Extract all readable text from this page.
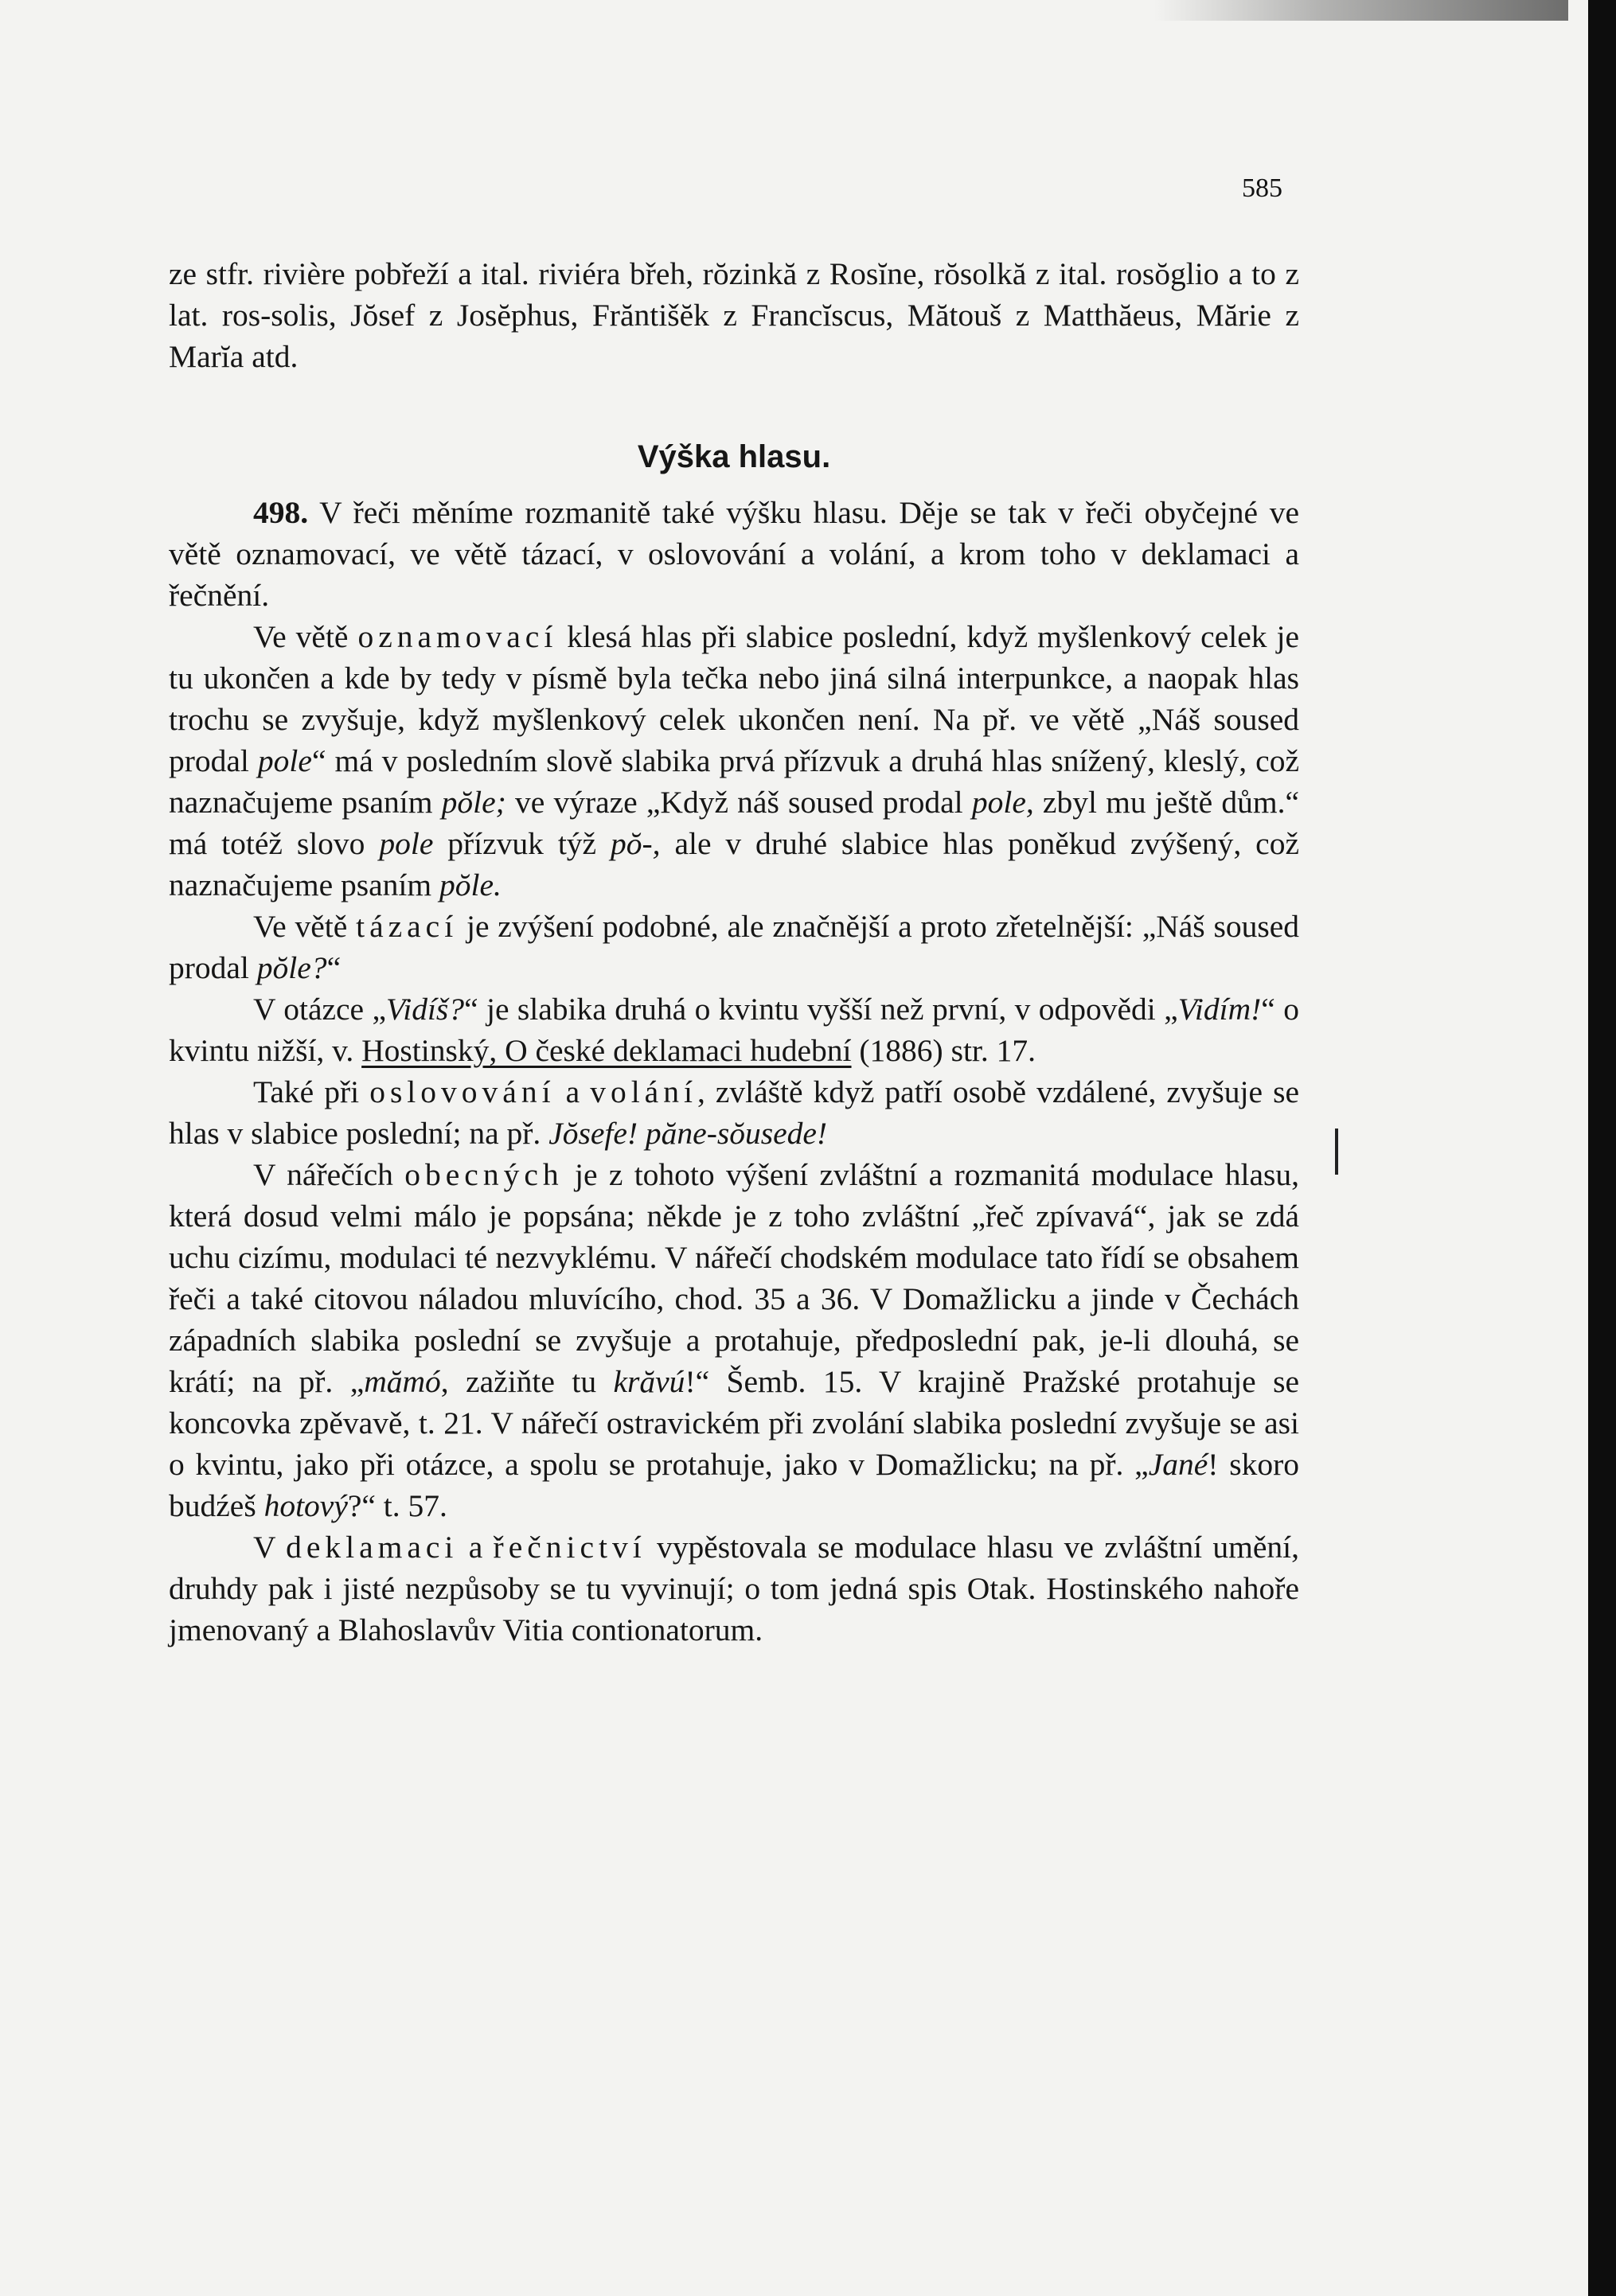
585

ze stfr. rivière pobřeží a ital. riviéra břeh, rŏzinkă z Rosĭne, rŏsolkă z ital. rosŏglio a to z lat. ros-solis, Jŏsef z Josĕphus, Frăntišĕk z Francĭscus, Mătouš z Matthăeus, Mărie z Marĭa atd.

Výška hlasu.

498. V řeči měníme rozmanitě také výšku hlasu. Děje se tak v řeči obyčejné ve větě oznamovací, ve větě tázací, v oslovování a volání, a krom toho v deklamaci a řečnění.

Ve větě oznamovací klesá hlas při slabice poslední, když myšlenkový celek je tu ukončen a kde by tedy v písmě byla tečka nebo jiná silná interpunkce, a naopak hlas trochu se zvyšuje, když myšlenkový celek ukončen není. Na př. ve větě „Náš soused prodal pole“ má v posledním slově slabika prvá přízvuk a druhá hlas snížený, kleslý, což naznačujeme psaním pŏle; ve výraze „Když náš soused prodal pole, zbyl mu ještě dům.“ má totéž slovo pole přízvuk týž pŏ-, ale v druhé slabice hlas poněkud zvýšený, což naznačujeme psaním pŏle.

Ve větě tázací je zvýšení podobné, ale značnější a proto zřetelnější: „Náš soused prodal pŏle?“

V otázce „Vidíš?“ je slabika druhá o kvintu vyšší než první, v odpovědi „Vidím!“ o kvintu nižší, v. Hostinský, O české deklamaci hudební (1886) str. 17.

Také při oslovování a volání, zvláště když patří osobě vzdálené, zvyšuje se hlas v slabice poslední; na př. Jŏsefe! păne-sŏusede!

V nářečích obecných je z tohoto výšení zvláštní a rozmanitá modulace hlasu, která dosud velmi málo je popsána; někde je z toho zvláštní „řeč zpívavá“, jak se zdá uchu cizímu, modulaci té nezvyklému. V nářečí chodském modulace tato řídí se obsahem řeči a také citovou náladou mluvícího, chod. 35 a 36. V Domažlicku a jinde v Čechách západních slabika poslední se zvyšuje a protahuje, předposlední pak, je-li dlouhá, se krátí; na př. „mămó, zažiňte tu krăvú!“ Šemb. 15. V krajině Pražské protahuje se koncovka zpěvavě, t. 21. V nářečí ostravickém při zvolání slabika poslední zvyšuje se asi o kvintu, jako při otázce, a spolu se protahuje, jako v Domažlicku; na př. „Jané! skoro budźeš hotový?“ t. 57.

V deklamaci a řečnictví vypěstovala se modulace hlasu ve zvláštní umění, druhdy pak i jisté nezpůsoby se tu vyvinují; o tom jedná spis Otak. Hostinského nahoře jmenovaný a Blahoslavův Vitia contionatorum.
